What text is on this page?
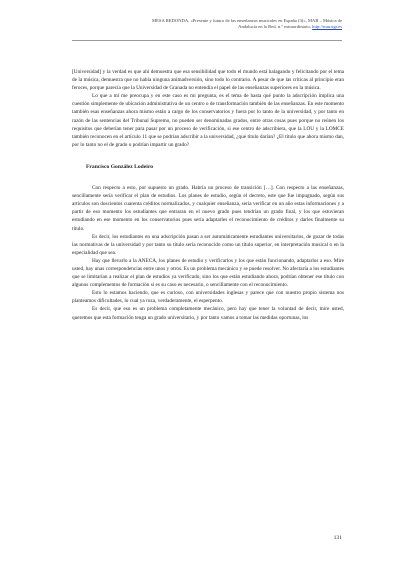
MESA REDONDA, «Presente y futuro de las enseñanzas musicales en España (3)», MAR – Música de
Andalucía en la Red, n.º extraordinario, http://mar.ugr.es

[Universidad] y la verdad es que ahí demuestra que esa sensibilidad que todo el mundo está halagando y felicitando por el tema de la música, demuestra que no había ninguna animadversión, sino todo lo contrario. A pesar de que las críticas al principio eran feroces, porque parecía que la Universidad de Granada no entendía el papel de las enseñanzas superiores en la música.

Lo que a mí me preocupa y en este caso es mi pregunta, es el tema de hasta qué punto la adscripción implica una cuestión simplemente de ubicación administrativa de un centro o de transformación también de las enseñanzas. En este momento también esas enseñanzas ahora mismo están a cargo de los conservatorios y fuera por lo tanto de la universidad, y por tanto en razón de las sentencias del Tribunal Supremo, no pueden ser denominadas grados, entre otras cosas pues porque no reúnen los requisitos que deberían tener para pasar por un proceso de verificación, si ese centro de adscribiera, que la LOU y la LOMCE también reconocen en el artículo 11 que se podrían adscribir a la universidad, ¿qué título darían? ¿El título que ahora mismo dan, por lo tanto no el de grado o podrían impartir un grado?

Francisco González Lodeiro

Con respecto a esto, por supuesto un grado. Habría un proceso de transición […]. Con respecto a las enseñanzas, sencillamente sería verificar el plan de estudios. Los planes de estudio, según el decreto, este que fue impugnado, según sus artículos son doscientos cuarenta créditos normalizados, y cualquier enseñanza, sería verificar en un año estas informaciones y a partir de eso momento los estudiantes que entraran en el nuevo grado pues tendrían un grado final, y los que estuvieran estudiando en ese momento en los conservatorios pues sería adaptarles el reconocimiento de créditos y darles finalmente su título.

Es decir, los estudiantes en una adscripción pasan a ser automáticamente estudiantes universitarios, de gozar de todas las normativas de la universidad y por tanto su título sería reconocido como un título superior, en interpretación musical o en la especialidad que sea.

Hay que llevarlo a la ANECA, los planes de estudio y verificarlos y los que están funcionando, adaptarlos a eso. Mire usted, hay unas correspondencias entre unos y otros. Es un problema mecánico y se puede resolver. No afectaría a los estudiantes que se limitarían a realizar el plan de estudios ya verificado, sino los que están estudiando ahora, podrían obtener ese título con algunos complementos de formación si es su caso es necesario, o sencillamente con el reconocimiento.

Esto lo estamos haciendo, que es curioso, con universidades inglesas y parece que con nuestro propio sistema nos planteamos dificultades, lo cual ya roza, verdaderamente, el esperpento.

Es decir, que eso es un problema completamente mecánico, pero hay que tener la voluntad de decir, mire usted, queremos que esta formación tenga un grado universitario, y por tanto vamos a tomar las medidas oportunas, los

131
